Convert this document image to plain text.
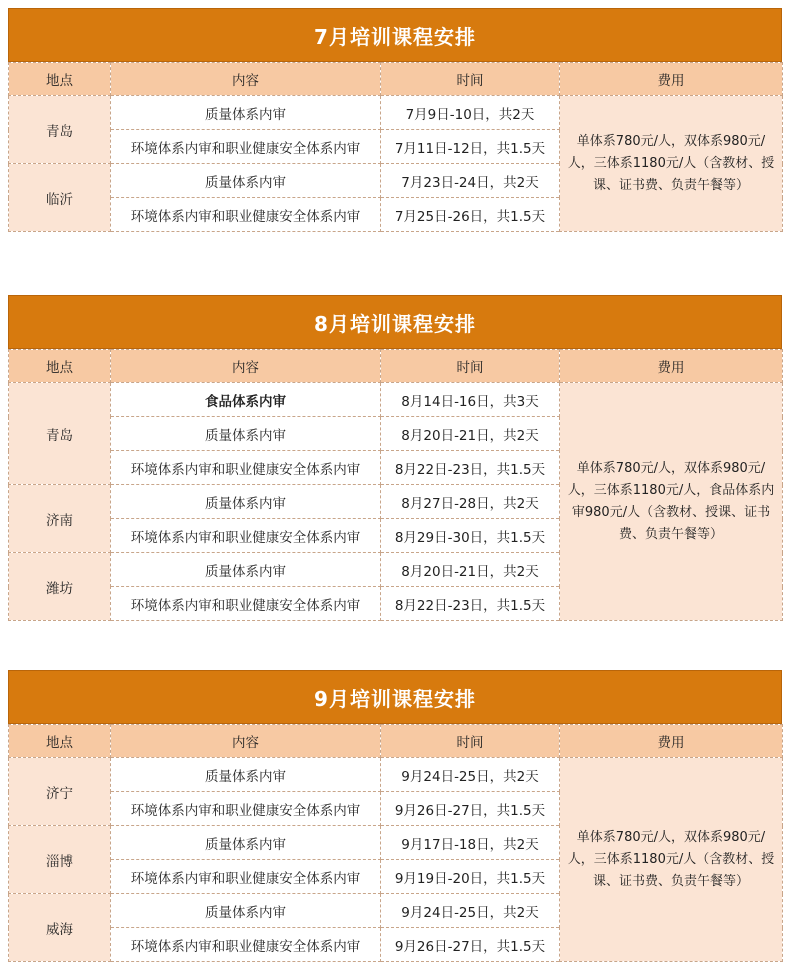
7月培训课程安排
地点	内容	时间	费用
青岛	质量体系内审	7月9日-10日，共2天	单体系780元/人，双体系980元/人，三体系1180元/人（含教材、授课、证书费、负责午餐等）
	环境体系内审和职业健康安全体系内审	7月11日-12日，共1.5天	
临沂	质量体系内审	7月23日-24日，共2天	
	环境体系内审和职业健康安全体系内审	7月25日-26日，共1.5天	
8月培训课程安排
地点	内容	时间	费用
青岛	食品体系内审	8月14日-16日，共3天	单体系780元/人，双体系980元/人，三体系1180元/人，食品体系内审980元/人（含教材、授课、证书费、负责午餐等）
	质量体系内审	8月20日-21日，共2天	
	环境体系内审和职业健康安全体系内审	8月22日-23日，共1.5天	
济南	质量体系内审	8月27日-28日，共2天	
	环境体系内审和职业健康安全体系内审	8月29日-30日，共1.5天	
潍坊	质量体系内审	8月20日-21日，共2天	
	环境体系内审和职业健康安全体系内审	8月22日-23日，共1.5天	
9月培训课程安排
地点	内容	时间	费用
济宁	质量体系内审	9月24日-25日，共2天	单体系780元/人，双体系980元/人，三体系1180元/人（含教材、授课、证书费、负责午餐等）
	环境体系内审和职业健康安全体系内审	9月26日-27日，共1.5天	
淄博	质量体系内审	9月17日-18日，共2天	
	环境体系内审和职业健康安全体系内审	9月19日-20日，共1.5天	
威海	质量体系内审	9月24日-25日，共2天	
	环境体系内审和职业健康安全体系内审	9月26日-27日，共1.5天	
